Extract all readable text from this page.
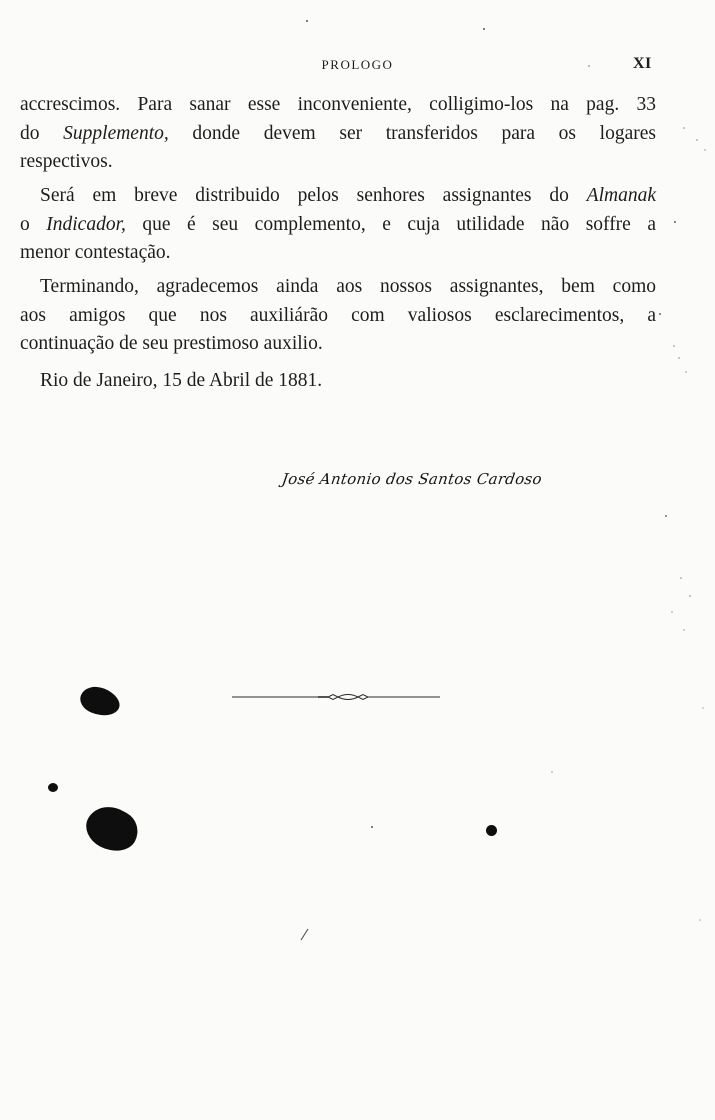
PROLOGO	XI
accrescimos. Para sanar esse inconveniente, colligimo-los na pag. 33
do Supplemento, donde devem ser transferidos para os logares
respectivos.
Será em breve distribuido pelos senhores assignantes do Almanak
o Indicador, que é seu complemento, e cuja utilidade não soffre a
menor contestação.
Terminando, agradecemos ainda aos nossos assignantes, bem como
aos amigos que nos auxiliárão com valiosos esclarecimentos, a
continuação de seu prestimoso auxilio.
Rio de Janeiro, 15 de Abril de 1881.
José Antonio dos Santos Cardoso
